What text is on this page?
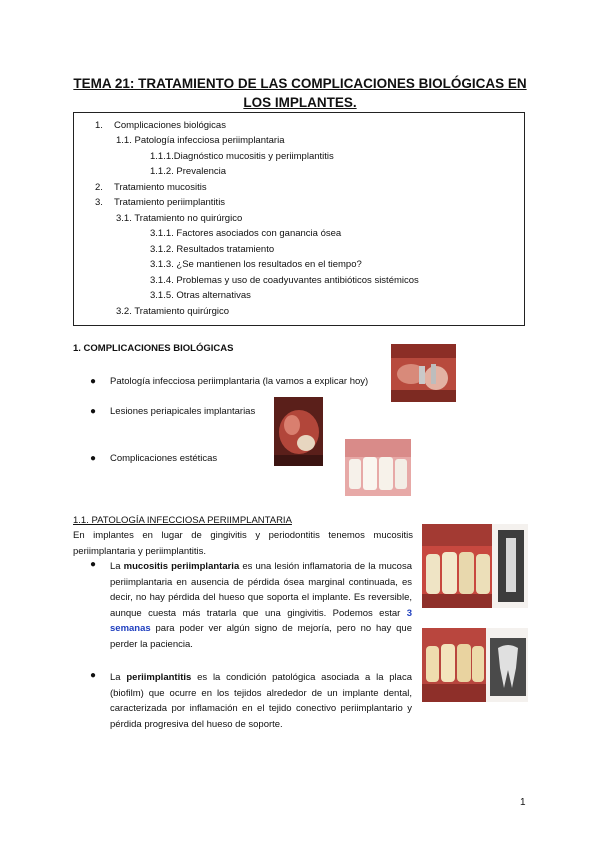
TEMA 21: TRATAMIENTO DE LAS COMPLICACIONES BIOLÓGICAS EN LOS IMPLANTES.
1. Complicaciones biológicas
1.1. Patología infecciosa periimplantaria
1.1.1.Diagnóstico mucositis y periimplantitis
1.1.2. Prevalencia
2. Tratamiento mucositis
3. Tratamiento periimplantitis
3.1. Tratamiento no quirúrgico
3.1.1. Factores asociados con ganancia ósea
3.1.2. Resultados tratamiento
3.1.3. ¿Se mantienen los resultados en el tiempo?
3.1.4. Problemas y uso de coadyuvantes antibióticos sistémicos
3.1.5. Otras alternativas
3.2. Tratamiento quirúrgico
1. COMPLICACIONES BIOLÓGICAS
● Patología infecciosa periimplantaria (la vamos a explicar hoy)
● Lesiones periapicales implantarias
● Complicaciones estéticas
1.1. PATOLOGÍA INFECCIOSA PERIIMPLANTARIA
En implantes en lugar de gingivitis y periodontitis tenemos mucositis periimplantaria y periimplantitis.
● La mucositis periimplantaria es una lesión inflamatoria de la mucosa periimplantaria en ausencia de pérdida ósea marginal continuada, es decir, no hay pérdida del hueso que soporta el implante. Es reversible, aunque cuesta más tratarla que una gingivitis. Podemos estar 3 semanas para poder ver algún signo de mejoría, pero no hay que perder la paciencia.
● La periimplantitis es la condición patológica asociada a la placa (biofilm) que ocurre en los tejidos alrededor de un implante dental, caracterizada por inflamación en el tejido conectivo periimplantario y pérdida progresiva del hueso de soporte.
1
